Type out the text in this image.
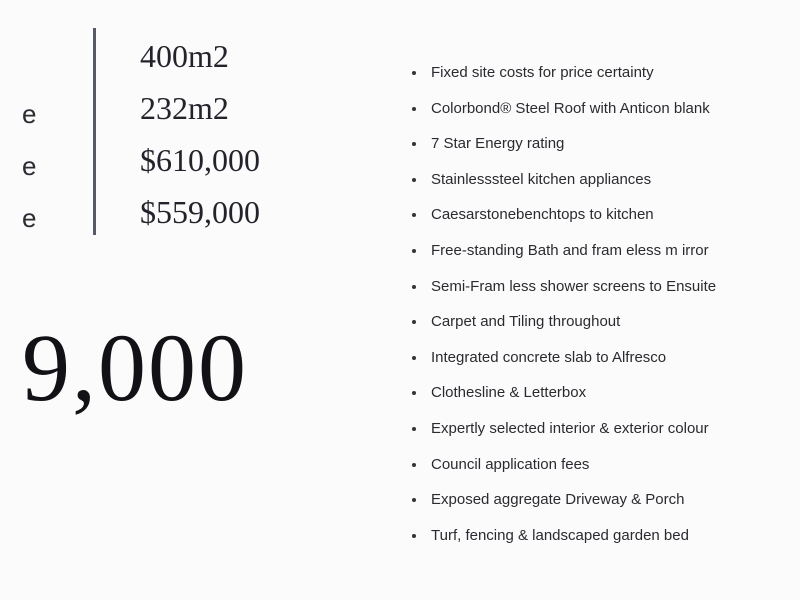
e
e
e
400m2
232m2
$610,000
$559,000
9,000
Fixed site costs for price certainty
Colorbond® Steel Roof with Anticon blank
7 Star Energy rating
Stainlesssteel kitchen appliances
Caesarstonebenchtops to kitchen
Free-standing Bath and fram eless m irror
Semi-Fram less shower screens to Ensuite
Carpet and Tiling throughout
Integrated concrete slab to Alfresco
Clothesline & Letterbox
Expertly selected interior & exterior colour
Council application fees
Exposed aggregate Driveway & Porch
Turf, fencing & landscaped garden bed
